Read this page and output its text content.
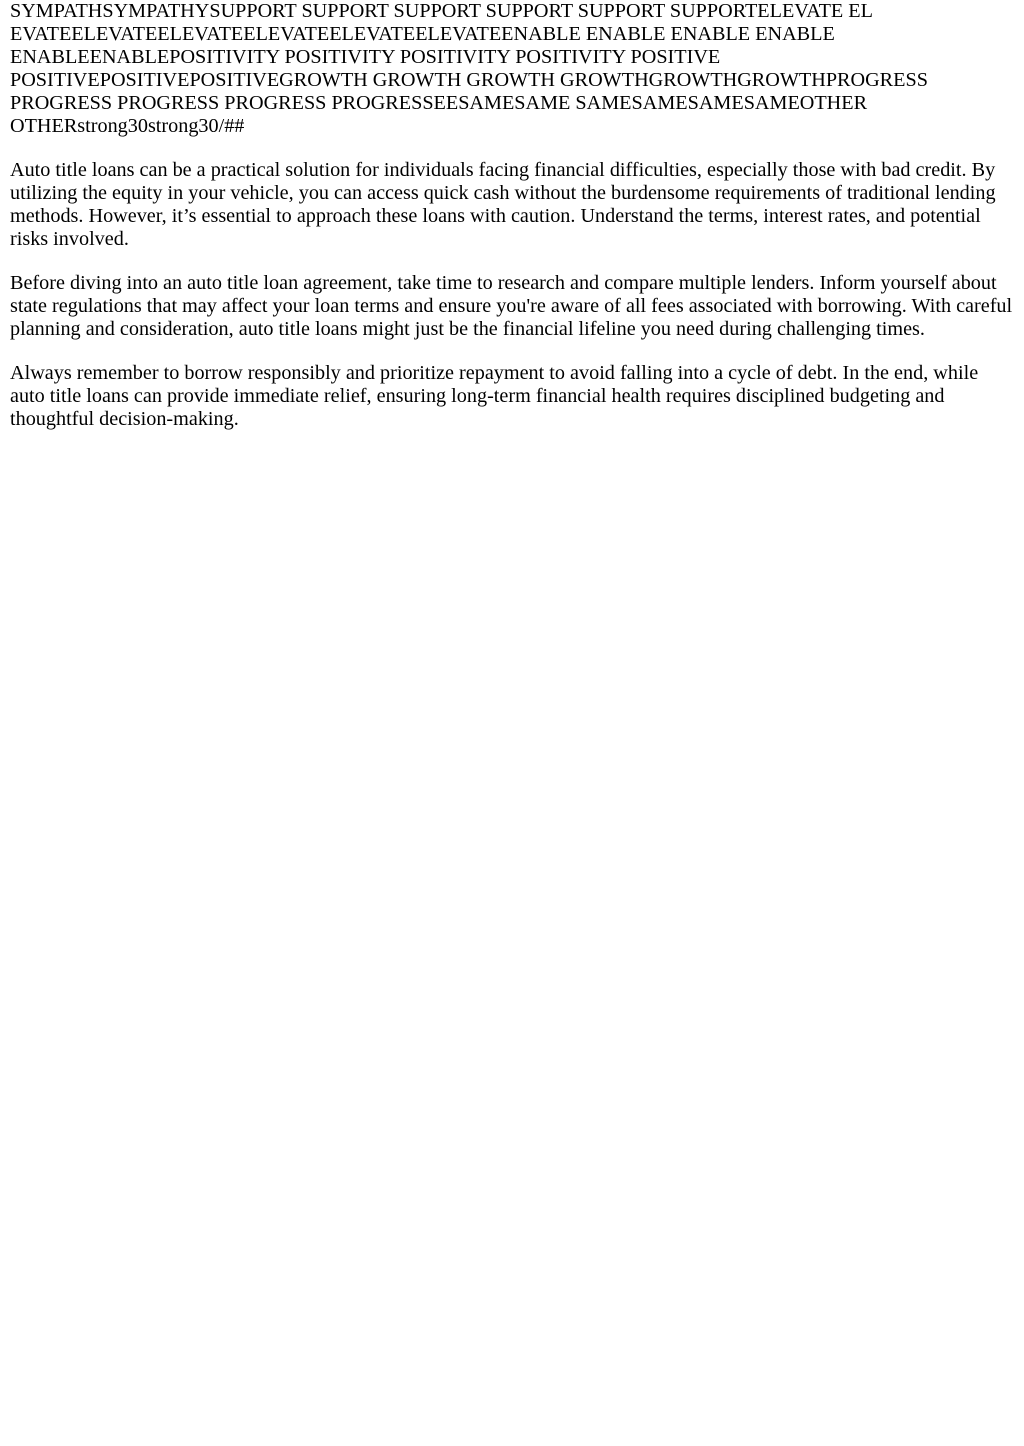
SYMPATHSYMPATHYSUPPORT SUPPORT SUPPORT SUPPORT SUPPORT SUPPORTELEVATE EL
EVATEELEVATEELEVATEELEVATEELEVATEELEVATEENABLE ENABLE ENABLE ENABLE
ENABLEENABLEPOSITIVITY POSITIVITY POSITIVITY POSITIVITY POSITIVE
POSITIVEPOSITIVEPOSITIVEGROWTH GROWTH GROWTH GROWTHGROWTHGROWTHPROGRESS
PROGRESS PROGRESS PROGRESS PROGRESSEESAMESAME SAMESAMESAMESAMEOTHER
OTHERstrong30strong30/##

Auto title loans can be a practical solution for individuals facing financial difficulties, especially those with bad credit. By utilizing the equity in your vehicle, you can access quick cash without the burdensome requirements of traditional lending methods. However, it’s essential to approach these loans with caution. Understand the terms, interest rates, and potential risks involved.

Before diving into an auto title loan agreement, take time to research and compare multiple lenders. Inform yourself about state regulations that may affect your loan terms and ensure you're aware of all fees associated with borrowing. With careful planning and consideration, auto title loans might just be the financial lifeline you need during challenging times.

Always remember to borrow responsibly and prioritize repayment to avoid falling into a cycle of debt. In the end, while auto title loans can provide immediate relief, ensuring long-term financial health requires disciplined budgeting and thoughtful decision-making.
